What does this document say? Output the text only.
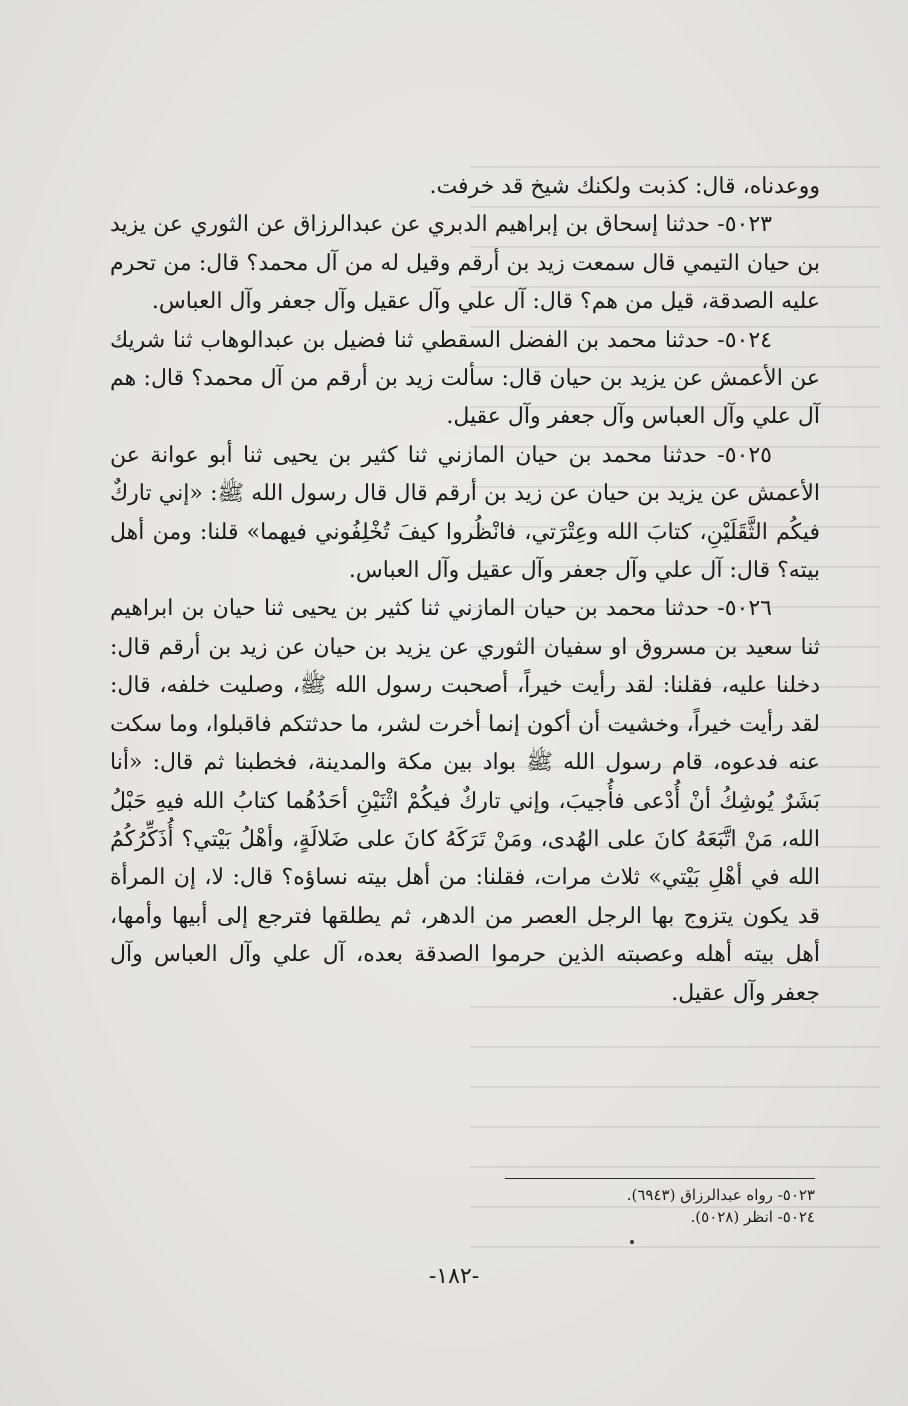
ووعدناه، قال: كذبت ولكنك شيخ قد خرفت.

٥٠٢٣- حدثنا إسحاق بن إبراهيم الدبري عن عبدالرزاق عن الثوري عن يزيد بن حيان التيمي قال سمعت زيد بن أرقم وقيل له من آل محمد؟ قال: من تحرم عليه الصدقة، قيل من هم؟ قال: آل علي وآل عقيل وآل جعفر وآل العباس.

٥٠٢٤- حدثنا محمد بن الفضل السقطي ثنا فضيل بن عبدالوهاب ثنا شريك عن الأعمش عن يزيد بن حيان قال: سألت زيد بن أرقم من آل محمد؟ قال: هم آل علي وآل العباس وآل جعفر وآل عقيل.

٥٠٢٥- حدثنا محمد بن حيان المازني ثنا كثير بن يحيى ثنا أبو عوانة عن الأعمش عن يزيد بن حيان عن زيد بن أرقم قال قال رسول الله ﷺ: «إني تاركٌ فيكُم الثَّقَلَيْنِ، كتابَ الله وعِتْرَتي، فانْظُروا كيفَ تُخْلِفُوني فيهما» قلنا: ومن أهل بيته؟ قال: آل علي وآل جعفر وآل عقيل وآل العباس.

٥٠٢٦- حدثنا محمد بن حيان المازني ثنا كثير بن يحيى ثنا حيان بن ابراهيم ثنا سعيد بن مسروق او سفيان الثوري عن يزيد بن حيان عن زيد بن أرقم قال: دخلنا عليه، فقلنا: لقد رأيت خيراً، أصحبت رسول الله ﷺ، وصليت خلفه، قال: لقد رأيت خيراً، وخشيت أن أكون إنما أخرت لشر، ما حدثتكم فاقبلوا، وما سكت عنه فدعوه، قام رسول الله ﷺ بواد بين مكة والمدينة، فخطبنا ثم قال: «أنا بَشَرٌ يُوشِكُ أنْ أُدْعى فأُجيبَ، وإني تاركٌ فيكُمْ اثْنَيْنِ أحَدُهُما كتابُ الله فيهِ حَبْلُ الله، مَنْ اتَّبَعَهُ كانَ على الهُدى، ومَنْ تَرَكَهُ كانَ على ضَلالَةٍ، وأهْلُ بَيْتي؟ أُذَكِّرُكُمُ الله في أهْلِ بَيْتي» ثلاث مرات، فقلنا: من أهل بيته نساؤه؟ قال: لا، إن المرأة قد يكون يتزوج بها الرجل العصر من الدهر، ثم يطلقها فترجع إلى أبيها وأمها، أهل بيته أهله وعصبته الذين حرموا الصدقة بعده، آل علي وآل العباس وآل جعفر وآل عقيل.

٥٠٢٣- رواه عبدالرزاق (٦٩٤٣).
٥٠٢٤- انظر (٥٠٢٨).
-١٨٢-
